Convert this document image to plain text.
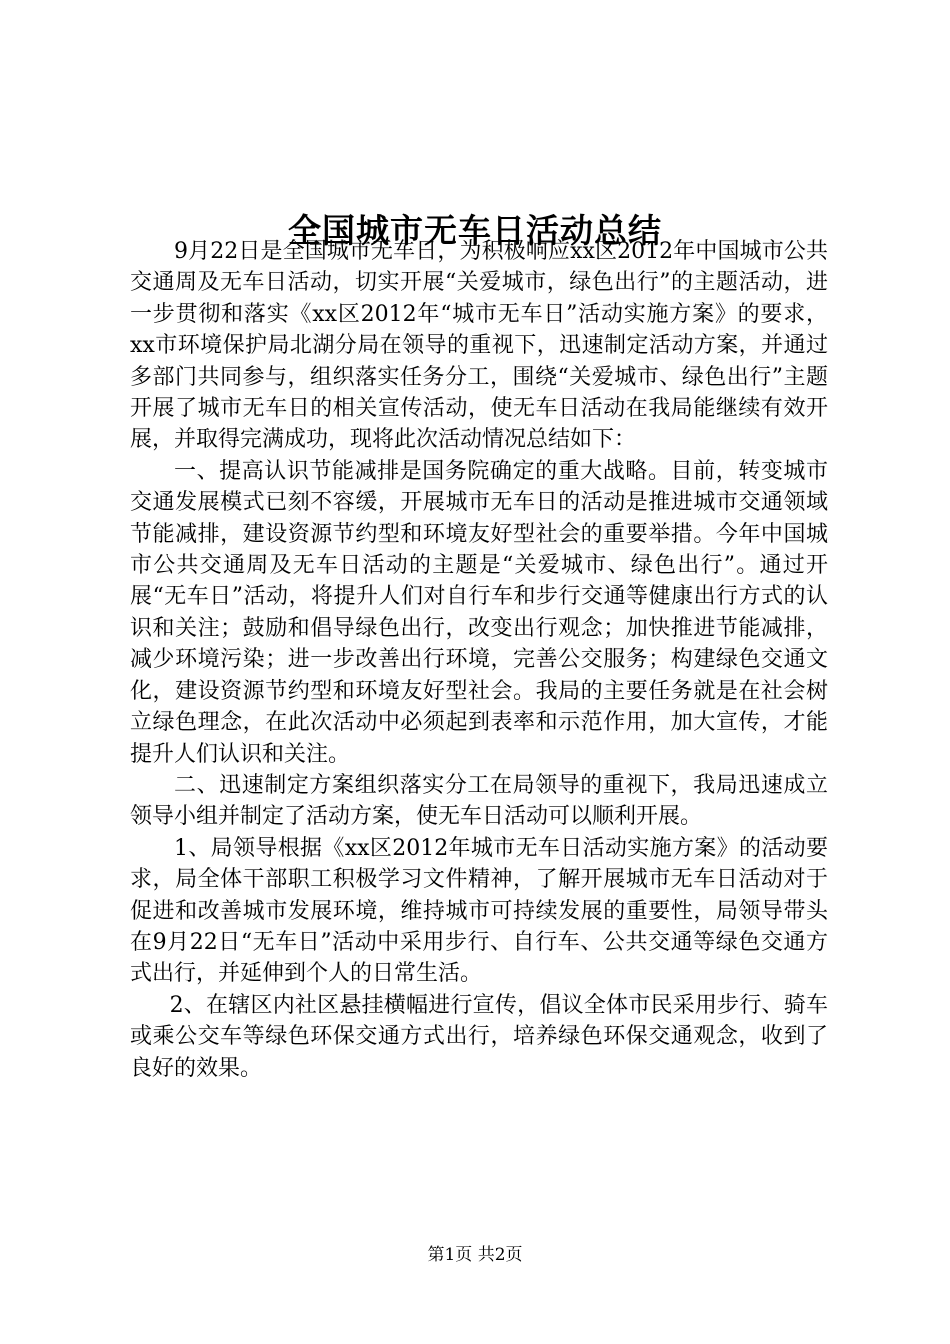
全国城市无车日活动总结

9月22日是全国城市无车日，为积极响应xx区2012年中国城市公共交通周及无车日活动，切实开展“关爱城市，绿色出行”的主题活动，进一步贯彻和落实《xx区2012年“城市无车日”活动实施方案》的要求，xx市环境保护局北湖分局在领导的重视下，迅速制定活动方案，并通过多部门共同参与，组织落实任务分工，围绕“关爱城市、绿色出行”主题开展了城市无车日的相关宣传活动，使无车日活动在我局能继续有效开展，并取得完满成功，现将此次活动情况总结如下：

一、提高认识节能减排是国务院确定的重大战略。目前，转变城市交通发展模式已刻不容缓，开展城市无车日的活动是推进城市交通领域节能减排，建设资源节约型和环境友好型社会的重要举措。今年中国城市公共交通周及无车日活动的主题是“关爱城市、绿色出行”。通过开展“无车日”活动，将提升人们对自行车和步行交通等健康出行方式的认识和关注；鼓励和倡导绿色出行，改变出行观念；加快推进节能减排，减少环境污染；进一步改善出行环境，完善公交服务；构建绿色交通文化，建设资源节约型和环境友好型社会。我局的主要任务就是在社会树立绿色理念，在此次活动中必须起到表率和示范作用，加大宣传，才能提升人们认识和关注。

二、迅速制定方案组织落实分工在局领导的重视下，我局迅速成立领导小组并制定了活动方案，使无车日活动可以顺利开展。

1、局领导根据《xx区2012年城市无车日活动实施方案》的活动要求，局全体干部职工积极学习文件精神，了解开展城市无车日活动对于促进和改善城市发展环境，维持城市可持续发展的重要性，局领导带头在9月22日“无车日”活动中采用步行、自行车、公共交通等绿色交通方式出行，并延伸到个人的日常生活。

2、在辖区内社区悬挂横幅进行宣传，倡议全体市民采用步行、骑车或乘公交车等绿色环保交通方式出行，培养绿色环保交通观念，收到了良好的效果。

第1页 共2页
